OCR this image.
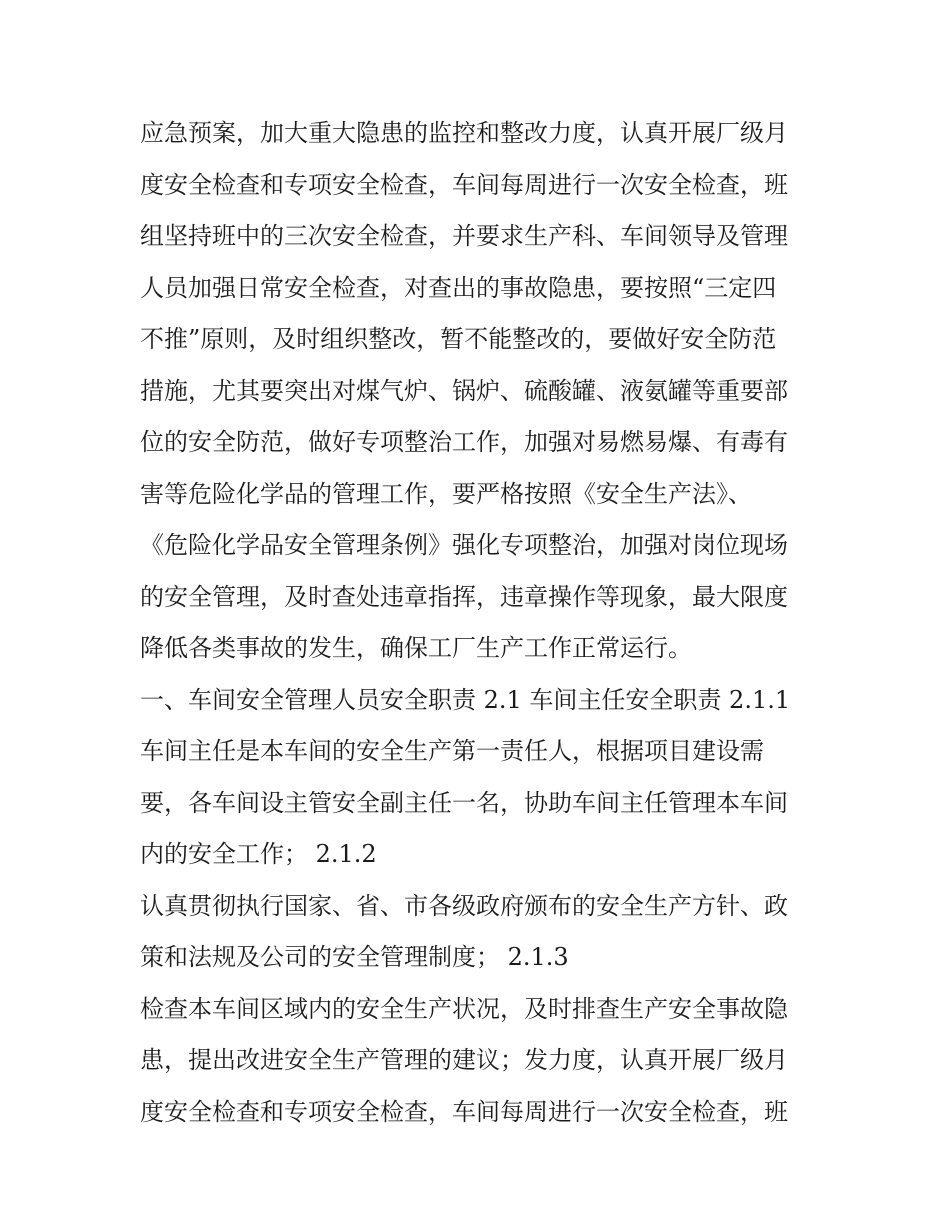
应急预案，加大重大隐患的监控和整改力度，认真开展厂级月
度安全检查和专项安全检查，车间每周进行一次安全检查，班
组坚持班中的三次安全检查，并要求生产科、车间领导及管理
人员加强日常安全检查，对查出的事故隐患，要按照“三定四
不推”原则，及时组织整改，暂不能整改的，要做好安全防范
措施，尤其要突出对煤气炉、锅炉、硫酸罐、液氨罐等重要部
位的安全防范，做好专项整治工作，加强对易燃易爆、有毒有
害等危险化学品的管理工作，要严格按照《安全生产法》、
《危险化学品安全管理条例》强化专项整治，加强对岗位现场
的安全管理，及时查处违章指挥，违章操作等现象，最大限度
降低各类事故的发生，确保工厂生产工作正常运行。
一、车间安全管理人员安全职责 2.1 车间主任安全职责 2.1.1
车间主任是本车间的安全生产第一责任人，根据项目建设需
要，各车间设主管安全副主任一名，协助车间主任管理本车间
内的安全工作； 2.1.2
认真贯彻执行国家、省、市各级政府颁布的安全生产方针、政
策和法规及公司的安全管理制度； 2.1.3
检查本车间区域内的安全生产状况，及时排查生产安全事故隐
患，提出改进安全生产管理的建议；发力度，认真开展厂级月
度安全检查和专项安全检查，车间每周进行一次安全检查，班
